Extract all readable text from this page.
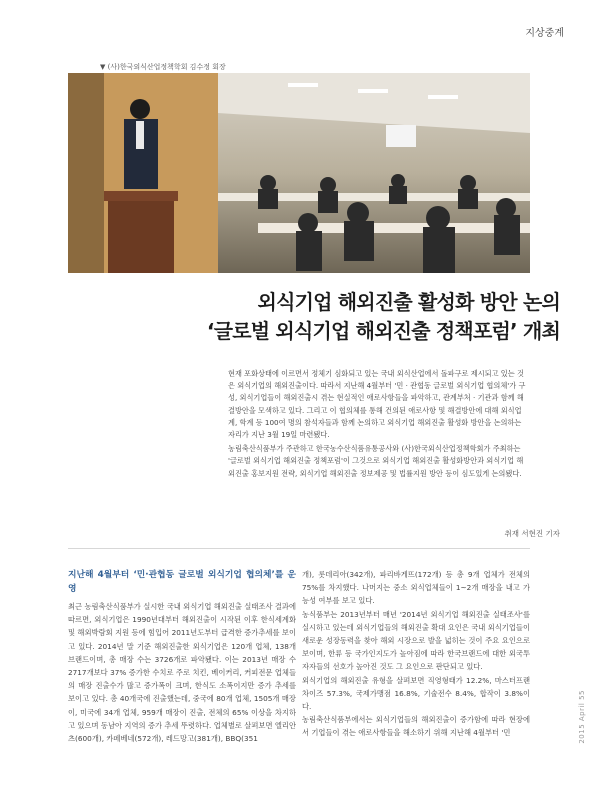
지상중계
▼ (사)한국외식산업정책학회 김수정 회장
외식기업 해외진출 활성화 방안 논의
‘글로벌 외식기업 해외진출 정책포럼’ 개최

현재 포화상태에 이르면서 정체기 심화되고 있는 국내 외식산업에서 돌파구로 제시되고 있는 것은 외식기업의 해외진출이다. 따라서 지난해 4월부터 '민 · 관협동 글로벌 외식기업 협의체'가 구성, 외식기업들이 해외진출시 겪는 현실적인 애로사항들을 파악하고, 관계부처 · 기관과 함께 해결방안을 모색하고 있다. 그리고 이 협의체를 통해 건의된 애로사항 및 해결방안에 대해 외식업계, 학계 등 100여 명의 참석자들과 함께 논의하고 외식기업 해외진출 활성화 방안을 논의하는 자리가 지난 3월 19일 마련됐다.

농림축산식품부가 주관하고 한국농수산식품유통공사와 (사)한국외식산업정책학회가 주최하는 '글로벌 외식기업 해외진출 정책포럼'이 그것으로 외식기업 해외진출 활성화방안과 외식기업 해외진출 홍보지원 전략, 외식기업 해외진출 정보제공 및 법률지원 방안 등이 심도있게 논의됐다.

취재 서현진 기자
지난해 4월부터 ‘민·관협동 글로벌 외식기업 협의체’를 운영

최근 농림축산식품부가 실시한 국내 외식기업 해외진출 실태조사 결과에 따르면, 외식기업은 1990년대부터 해외진출이 시작된 이후 한식세계화 및 해외박람회 지원 등에 힘입어 2011년도부터 급격한 증가추세를 보이고 있다. 2014년 말 기준 해외진출한 외식기업은 120개 업체, 138개 브랜드이며, 총 매장 수는 3726개로 파악됐다. 이는 2013년 매장 수 2717개보다 37% 증가한 수치로 주로 치킨, 베이커리, 커피전문 업체들의 매장 진출수가 많고 증가폭이 크며, 한식도 소폭이지만 증가 추세를 보이고 있다. 총 40개국에 진출했는데, 중국에 80개 업체, 1505개 매장이, 미국에 34개 업체, 959개 매장이 진출, 전체의 65% 이상을 차지하고 있으며 동남아 지역의 증가 추세 뚜렷하다. 업체별로 살펴보면 엘리안츠(600개), 카페베네(572개), 레드망고(381개), BBQ(351

개), 롯데리아(342개), 파리바게뜨(172개) 등 총 9개 업체가 전체의 75%를 차지했다. 나머지는 중소 외식업체들이 1~2개 매장을 내고 가능성 여부를 보고 있다.
농식품부는 2013년부터 매년 '2014년 외식기업 해외진출 실태조사'를 실시하고 있는데 외식기업들의 해외진출 확대 요인은 국내 외식기업들이 새로운 성장동력을 찾아 해외 시장으로 발을 넓히는 것이 주요 요인으로 보이며, 한류 등 국가인지도가 높아짐에 따라 한국브랜드에 대한 외국투자자들의 선호가 높아진 것도 그 요인으로 판단되고 있다.
외식기업의 해외진출 유형을 살펴보면 직영형태가 12.2%, 마스터프랜차이즈 57.3%, 국제가맹점 16.8%, 기술전수 8.4%, 합작이 3.8%이다.
농림축산식품부에서는 외식기업들의 해외진출이 증가함에 따라 현장에서 기업들이 겪는 애로사항들을 해소하기 위해 지난해 4월부터 '민	2015 April 55
